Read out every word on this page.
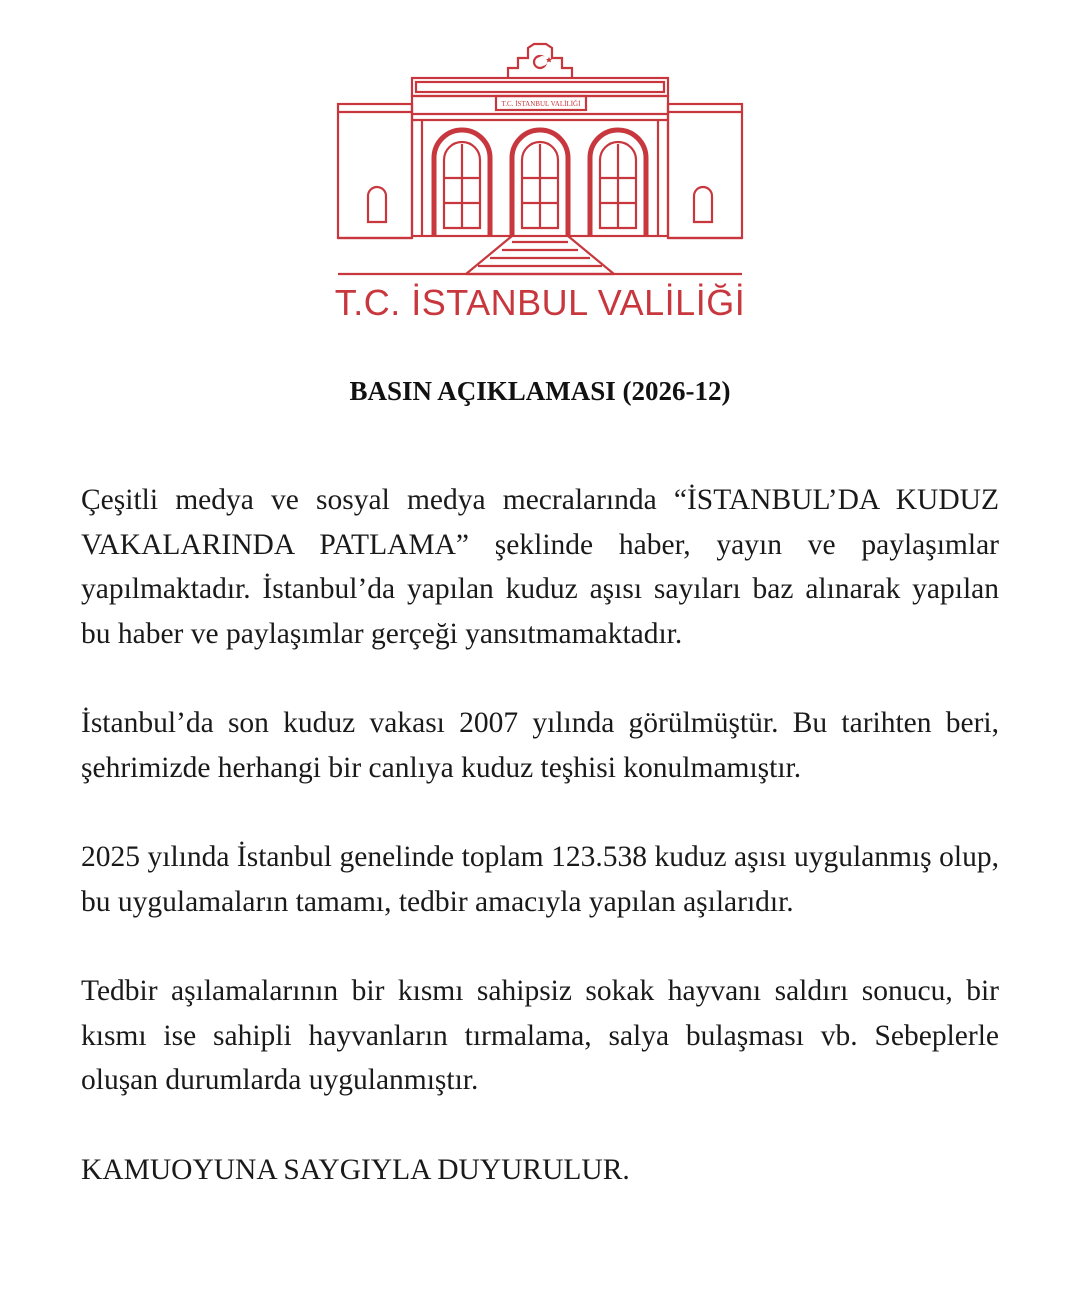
T.C. İSTANBUL VALİLİĞİ
T.C. İSTANBUL VALİLİĞİ
BASIN AÇIKLAMASI (2026-12)

Çeşitli medya ve sosyal medya mecralarında “İSTANBUL’DA KUDUZ VAKALARINDA PATLAMA” şeklinde haber, yayın ve paylaşımlar yapılmaktadır. İstanbul’da yapılan kuduz aşısı sayıları baz alınarak yapılan bu haber ve paylaşımlar gerçeği yansıtmamaktadır.

İstanbul’da son kuduz vakası 2007 yılında görülmüştür. Bu tarihten beri, şehrimizde herhangi bir canlıya kuduz teşhisi konulmamıştır.

2025 yılında İstanbul genelinde toplam 123.538 kuduz aşısı uygulanmış olup, bu uygulamaların tamamı, tedbir amacıyla yapılan aşılarıdır.

Tedbir aşılamalarının bir kısmı sahipsiz sokak hayvanı saldırı sonucu, bir kısmı ise sahipli hayvanların tırmalama, salya bulaşması vb. Sebeplerle oluşan durumlarda uygulanmıştır.

KAMUOYUNA SAYGIYLA DUYURULUR.
